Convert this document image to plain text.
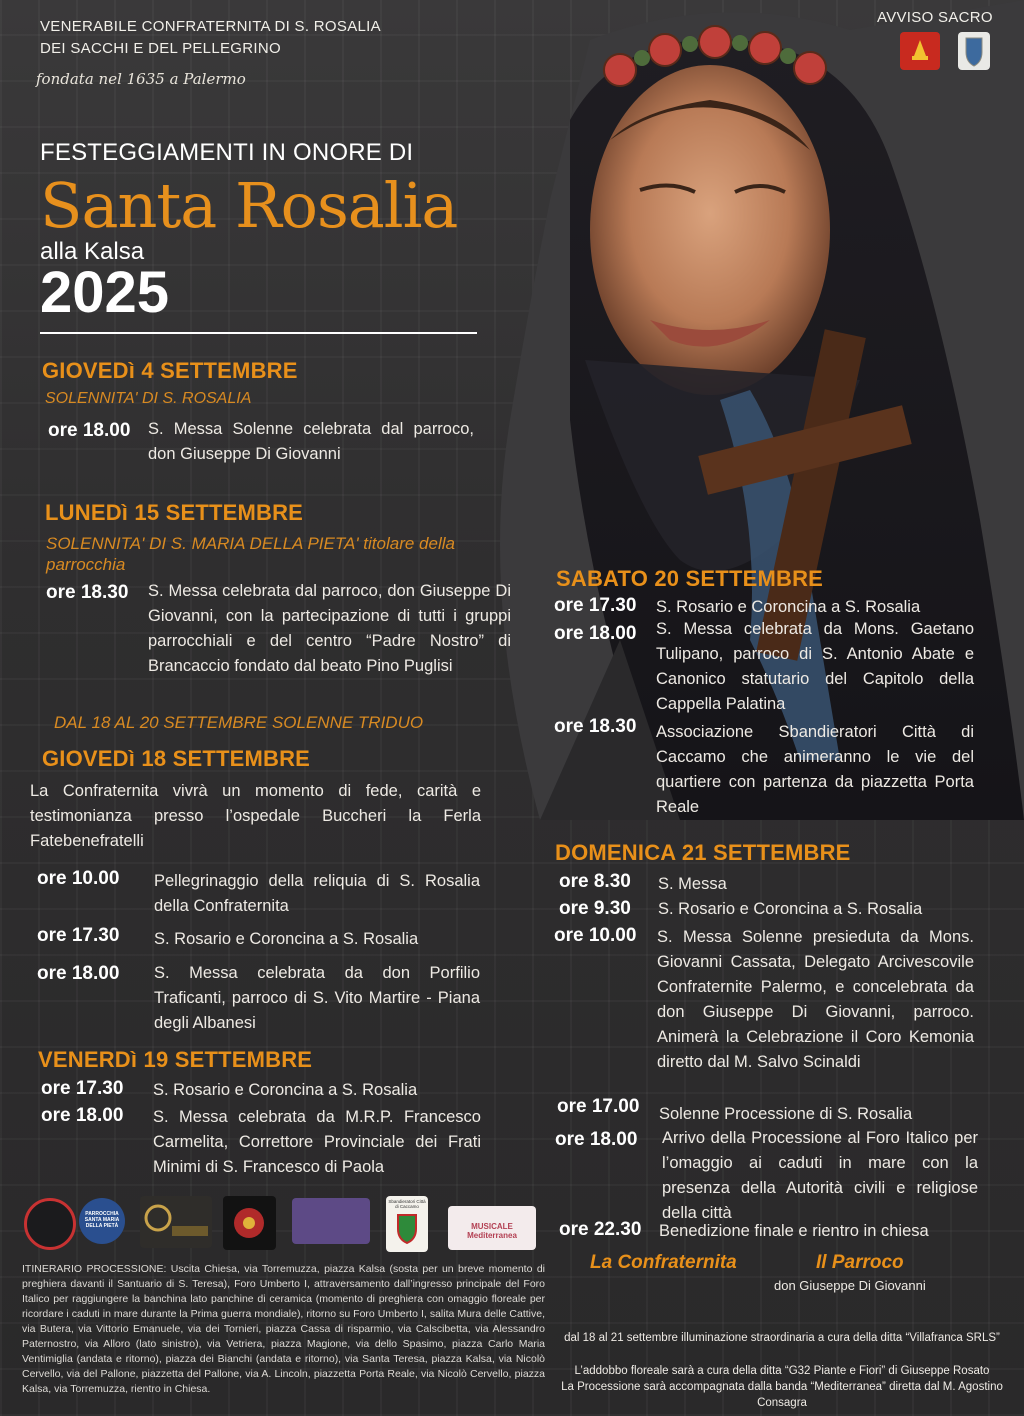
VENERABILE CONFRATERNITA DI S. ROSALIA
DEI SACCHI E DEL PELLEGRINO
fondata nel 1635 a Palermo
AVVISO SACRO
FESTEGGIAMENTI IN ONORE DI
Santa Rosalia
alla Kalsa
2025
GIOVEDì 4 SETTEMBRE
SOLENNITA' DI S. ROSALIA
ore 18.00 S. Messa Solenne celebrata dal parroco, don Giuseppe Di Giovanni
LUNEDì 15 SETTEMBRE
SOLENNITA' DI S. MARIA DELLA PIETA' titolare della parrocchia
ore 18.30 S. Messa celebrata dal parroco, don Giuseppe Di Giovanni, con la partecipazione di tutti i gruppi parrocchiali e del centro “Padre Nostro” di Brancaccio fondato dal beato Pino Puglisi
DAL 18 AL 20 SETTEMBRE SOLENNE TRIDUO
GIOVEDì 18 SETTEMBRE
La Confraternita vivrà un momento di fede, carità e testimonianza presso l’ospedale Buccheri la Ferla Fatebenefratelli
ore 10.00 Pellegrinaggio della reliquia di S. Rosalia della Confraternita
ore 17.30 S. Rosario e Coroncina a S. Rosalia
ore 18.00 S. Messa celebrata da don Porfilio Traficanti, parroco di S. Vito Martire - Piana degli Albanesi
VENERDì 19 SETTEMBRE
ore 17.30 S. Rosario e Coroncina a S. Rosalia
ore 18.00 S. Messa celebrata da M.R.P. Francesco Carmelita, Correttore Provinciale dei Frati Minimi di S. Francesco di Paola
SABATO 20 SETTEMBRE
ore 17.30 S. Rosario e Coroncina a S. Rosalia
ore 18.00 S. Messa celebrata da Mons. Gaetano Tulipano, parroco di S. Antonio Abate e Canonico statutario del Capitolo della Cappella Palatina
ore 18.30 Associazione Sbandieratori Città di Caccamo che animeranno le vie del quartiere con partenza da piazzetta Porta Reale
DOMENICA 21 SETTEMBRE
ore 8.30 S. Messa
ore 9.30 S. Rosario e Coroncina a S. Rosalia
ore 10.00 S. Messa Solenne presieduta da Mons. Giovanni Cassata, Delegato Arcivescovile Confraternite Palermo, e concelebrata da don Giuseppe Di Giovanni, parroco. Animerà la Celebrazione il Coro Kemonia diretto dal M. Salvo Scinaldi
ore 17.00 Solenne Processione di S. Rosalia
ore 18.00 Arrivo della Processione al Foro Italico per l’omaggio ai caduti in mare con la presenza della Autorità civili e religiose della città
ore 22.30 Benedizione finale e rientro in chiesa
La Confraternita	Il Parroco
don Giuseppe Di Giovanni
PARROCCHIA SANTA MARIA DELLA PIETÀ
Sbandieratori Città di Caccamo
MUSICALE Mediterranea
ITINERARIO PROCESSIONE: Uscita Chiesa, via Torremuzza, piazza Kalsa (sosta per un breve momento di preghiera davanti il Santuario di S. Teresa), Foro Umberto I, attraversamento dall’ingresso principale del Foro Italico per raggiungere la banchina lato panchine di ceramica (momento di preghiera con omaggio floreale per ricordare i caduti in mare durante la Prima guerra mondiale), ritorno su Foro Umberto I, salita Mura delle Cattive, via Butera, via Vittorio Emanuele, via dei Tornieri, piazza Cassa di risparmio, via Calscibetta, via Alessandro Paternostro, via Alloro (lato sinistro), via Vetriera, piazza Magione, via dello Spasimo, piazza Carlo Maria Ventimiglia (andata e ritorno), piazza dei Bianchi (andata e ritorno), via Santa Teresa, piazza Kalsa, via Nicolò Cervello, via del Pallone, piazzetta del Pallone, via A. Lincoln, piazzetta Porta Reale, via Nicolò Cervello, piazza Kalsa, via Torremuzza, rientro in Chiesa.
dal 18 al 21 settembre illuminazione straordinaria a cura della ditta “Villafranca SRLS”
L’addobbo floreale sarà a cura della ditta “G32 Piante e Fiori” di Giuseppe Rosato
La Processione sarà accompagnata dalla banda “Mediterranea” diretta dal M. Agostino Consagra
